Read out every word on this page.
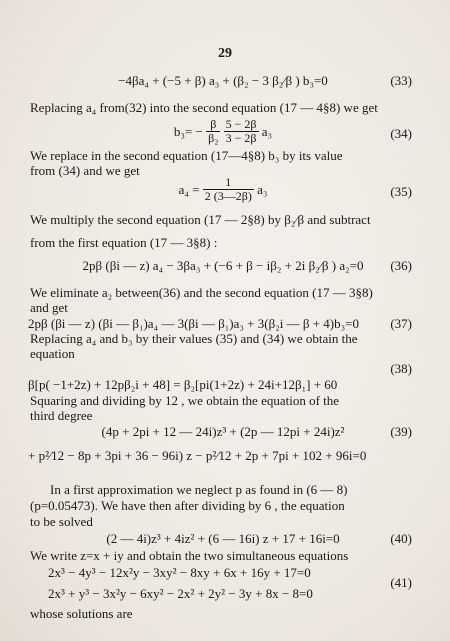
29
−4βa₄ + (−5 + β) a₃ + (β₂ − 3 β₂⁄β ) b₃=0	(33)
Replacing a₄ from(32) into the second equation (17 — 4§8) we get
$b_3= - \frac{\beta}{\text{β₂}}$
$\frac{5 - 2\beta}{3 - 2\beta} a_3$	(34)
We replace in the second equation (17—4§8) b₃ by its value
from (34) and we get
$a_4 = \frac{1}{2 (3—2\beta)} a_3$	(35)
We multiply the second equation (17 — 2§8) by β₂⁄β and subtract
from the first equation (17 — 3§8) :
2pβ (βi — z) a₄ − 3βa₃ + (−6 + β − iβ₂ + 2i β₂⁄β ) a₂=0 (36)
We eliminate a₂ between(36) and the second equation (17 — 3§8)
and get
2pβ (βi — z) (βi — β₁)a₄ — 3(βi — β₁)a₃ + 3(β₂i — β + 4)b₃=0 (37)
Replacing a₄ and b₃ by their values (35) and (34) we obtain the
equation
(38)
β[p( −1+2z) + 12pβ₂i + 48] = β₂[pi(1+2z) + 24i+12β₁] + 60
Squaring and dividing by 12 , we obtain the equation of the
third degree
(4p + 2pi + 12 — 24i)z³ + (2p — 12pi + 24i)z²	(39)
+ p²⁄12 − 8p + 3pi + 36 − 96i) z − p²⁄12 + 2p + 7pi + 102 + 96i=0
In a first approximation we neglect p as found in (6 — 8)
(p=0.05473). We have then after dividing by 6 , the equation
to be solved
(2 — 4i)z³ + 4iz² + (6 — 16i) z + 17 + 16i=0	(40)
We write z=x + iy and obtain the two simultaneous equations
2x³ − 4y³ − 12x²y − 3xy² − 8xy + 6x + 16y + 17=0
2x³ + y³ − 3x²y − 6xy² − 2x² + 2y² − 3y + 8x − 8=0
(41)
whose solutions are
